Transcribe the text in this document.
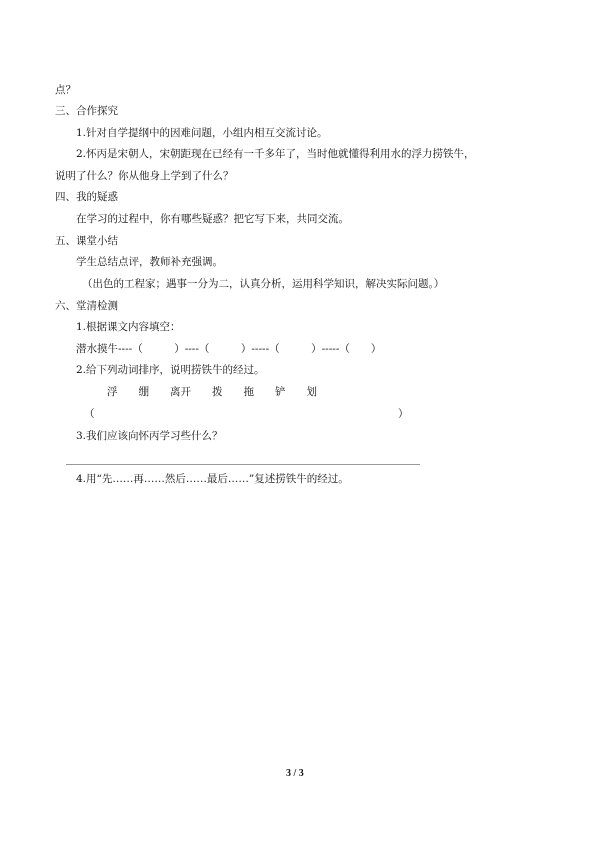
点？
三、合作探究
1.针对自学提纲中的因难问题，小组内相互交流讨论。
2.怀丙是宋朝人，宋朝距现在已经有一千多年了，当时他就懂得利用水的浮力捞铁牛，
说明了什么？你从他身上学到了什么？
四、我的疑惑
在学习的过程中，你有哪些疑惑？把它写下来，共同交流。
五、课堂小结
学生总结点评，教师补充强调。
（出色的工程家；遇事一分为二，认真分析，运用科学知识，解决实际问题。）
六、堂清检测
1.根据课文内容填空：
潜水摸牛----（　　　）----（　　　）-----（　　　）-----（　　）
2.给下列动词排序，说明捞铁牛的经过。
浮　　绷　　离开　　拨　　拖　　铲　　划
（	）
3.我们应该向怀丙学习些什么？
4.用“先……再……然后……最后……”复述捞铁牛的经过。
3 / 3
